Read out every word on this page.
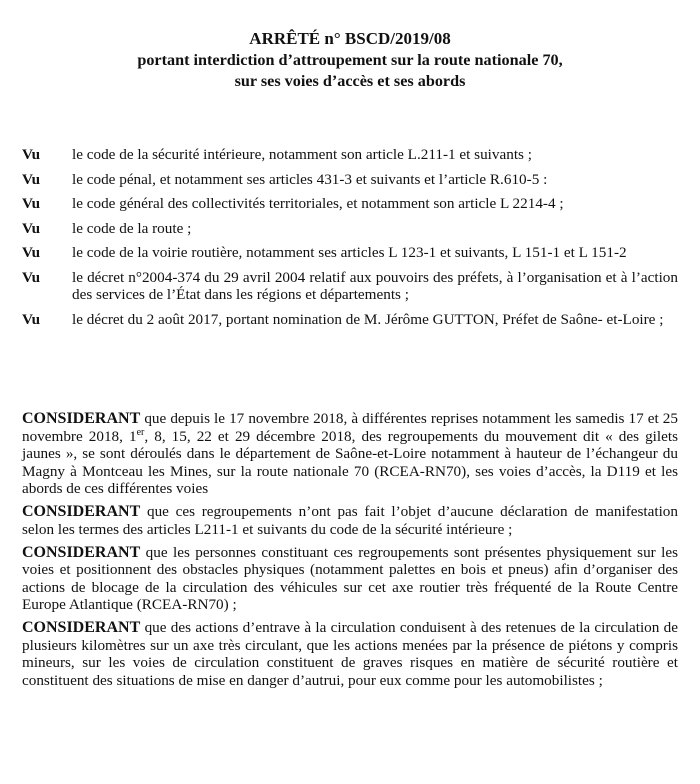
ARRÊTÉ n° BSCD/2019/08
portant interdiction d’attroupement sur la route nationale 70,
sur ses voies d’accès et ses abords
Vu	le code de la sécurité intérieure, notamment son article L.211-1 et suivants ;
Vu	le code pénal, et notamment ses articles 431-3 et suivants et l’article R.610-5 :
Vu	le code général des collectivités territoriales, et notamment son article L 2214-4 ;
Vu	le code de la route ;
Vu	le code de la voirie routière, notamment ses articles L 123-1 et suivants, L 151-1 et L 151-2
Vu	le décret n°2004-374 du 29 avril 2004 relatif aux pouvoirs des préfets, à l’organisation et à l’action des services de l’État dans les régions et départements ;
Vu	le décret du 2 août 2017, portant nomination de M. Jérôme GUTTON, Préfet de Saône- et-Loire ;

CONSIDERANT que depuis le 17 novembre 2018, à différentes reprises notamment les samedis 17 et 25 novembre 2018, 1er, 8, 15, 22 et 29 décembre 2018, des regroupements du mouvement dit « des gilets jaunes », se sont déroulés dans le département de Saône-et-Loire notamment à hauteur de l’échangeur du Magny à Montceau les Mines, sur la route nationale 70 (RCEA-RN70), ses voies d’accès, la D119 et les abords de ces différentes voies

CONSIDERANT que ces regroupements n’ont pas fait l’objet d’aucune déclaration de manifestation selon les termes des articles L211-1 et suivants du code de la sécurité intérieure ;

CONSIDERANT que les personnes constituant ces regroupements sont présentes physiquement sur les voies et positionnent des obstacles physiques (notamment palettes en bois et pneus) afin d’organiser des actions de blocage de la circulation des véhicules sur cet axe routier très fréquenté de la Route Centre Europe Atlantique (RCEA-RN70) ;

CONSIDERANT que des actions d’entrave à la circulation conduisent à des retenues de la circulation de plusieurs kilomètres sur un axe très circulant, que les actions menées par la présence de piétons y compris mineurs, sur les voies de circulation constituent de graves risques en matière de sécurité routière et constituent des situations de mise en danger d’autrui, pour eux comme pour les automobilistes ;
